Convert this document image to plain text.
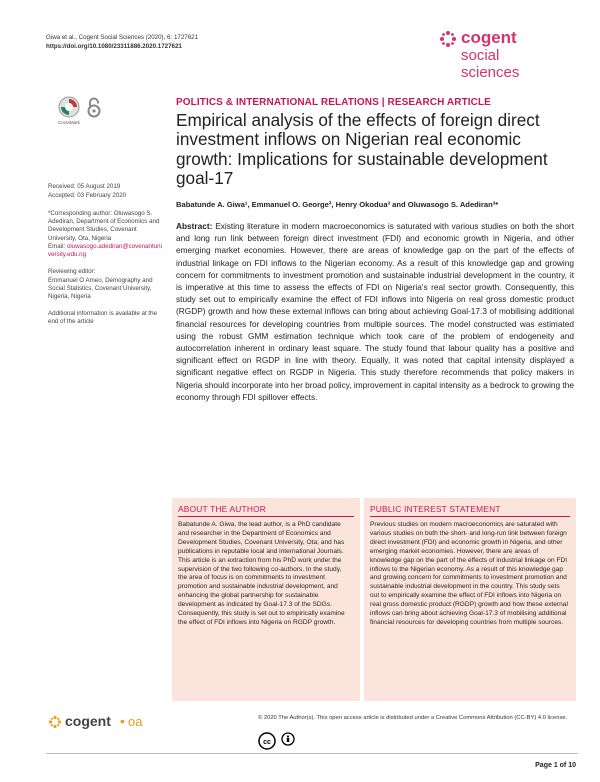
Giwa et al., Cogent Social Sciences (2020), 6: 1727621
https://doi.org/10.1080/23311886.2020.1727621	cogent
social
sciences
CrossMark
POLITICS & INTERNATIONAL RELATIONS | RESEARCH ARTICLE
Empirical analysis of the effects of foreign direct investment inflows on Nigerian real economic growth: Implications for sustainable development goal-17
Babatunde A. Giwa¹, Emmanuel O. George², Henry Okodua³ and Oluwasogo S. Adediran³*
Received: 05 August 2019
Accepted: 03 February 2020
*Corresponding author: Oluwasogo S. Adediran, Department of Economics and Development Studies, Covenant University, Ota, Nigeria
Email: oluwasogo.adediran@covenantuniversity.edu.ng
Reviewing editor:
Emmanuel O Ameo, Demography and Social Statistics, Covenant University, Nigeria, Nigeria
Additional information is available at the end of the article
Abstract: Existing literature in modern macroeconomics is saturated with various studies on both the short and long run link between foreign direct investment (FDI) and economic growth in Nigeria, and other emerging market economies. However, there are areas of knowledge gap on the part of the effects of industrial linkage on FDI inflows to the Nigerian economy. As a result of this knowledge gap and growing concern for commitments to investment promotion and sustainable industrial development in the country, it is imperative at this time to assess the effects of FDI on Nigeria's real sector growth. Consequently, this study set out to empirically examine the effect of FDI inflows into Nigeria on real gross domestic product (RGDP) growth and how these external inflows can bring about achieving Goal-17.3 of mobilising additional financial resources for developing countries from multiple sources. The model constructed was estimated using the robust GMM estimation technique which took care of the problem of endogeneity and autocorrelation inherent in ordinary least square. The study found that labour quality has a positive and significant effect on RGDP in line with theory. Equally, it was noted that capital intensity displayed a significant negative effect on RGDP in Nigeria. This study therefore recommends that policy makers in Nigeria should incorporate into her broad policy, improvement in capital intensity as a bedrock to growing the economy through FDI spillover effects.
ABOUT THE AUTHOR
Babatunde A. Giwa, the lead author, is a PhD candidate and researcher in the Department of Economics and Development Studies, Covenant University, Ota; and has publications in reputable local and international Journals. This article is an extraction from his PhD work under the supervision of the two following co-authors. In the study, the area of focus is on commitments to investment promotion and sustainable industrial development, and enhancing the global partnership for sustainable development as indicated by Goal-17.3 of the SDGs. Consequently, this study is set out to empirically examine the effect of FDI inflows into Nigeria on RGDP growth.
PUBLIC INTEREST STATEMENT
Previous studies on modern macroeconomics are saturated with various studies on both the short- and long-run link between foreign direct investment (FDI) and economic growth in Nigeria, and other emerging market economies. However, there are areas of knowledge gap on the part of the effects of industrial linkage on FDI inflows to the Nigerian economy. As a result of this knowledge gap and growing concern for commitments to investment promotion and sustainable industrial development in the country. This study sets out to empirically examine the effect of FDI inflows into Nigeria on real gross domestic product (RGDP) growth and how these external inflows can bring about achieving Goal-17.3 of mobilising additional financial resources for developing countries from multiple sources.
cogent • oa	© 2020 The Author(s). This open access article is distributed under a Creative Commons Attribution (CC-BY) 4.0 license.
cc
Page 1 of 10
